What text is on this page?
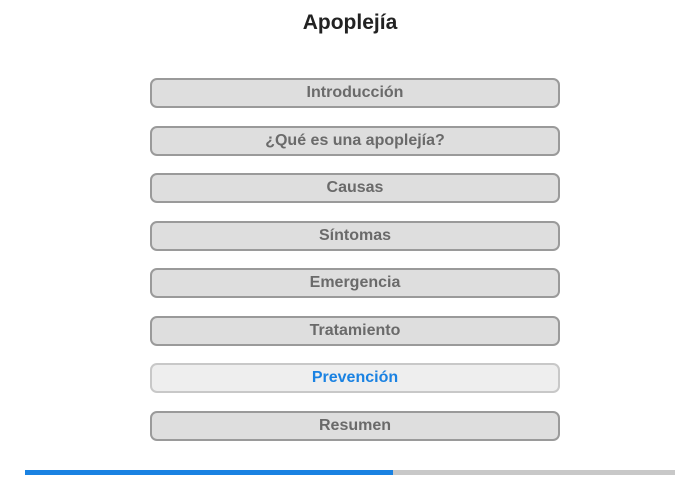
Apoplejía
Introducción
¿Qué es una apoplejía?
Causas
Síntomas
Emergencia
Tratamiento
Prevención
Resumen
